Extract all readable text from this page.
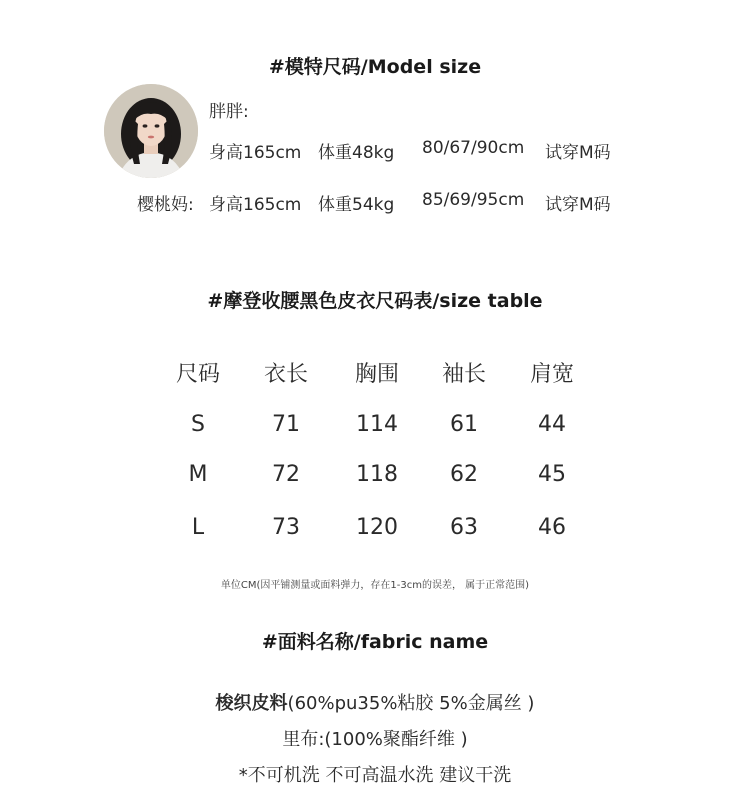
#模特尺码/Model size
胖胖:
身高165cm 体重48kg 80/67/90cm 试穿M码
樱桃妈: 身高165cm 体重54kg 85/69/95cm 试穿M码
#摩登收腰黑色皮衣尺码表/size table
尺码	衣长	胸围	袖长	肩宽
S	71	114	61	44
M	72	118	62	45
L	73	120	63	46
单位CM(因平铺测量或面料弹力，存在1-3cm的误差， 属于正常范围)
#面料名称/fabric name
梭织皮料(60%pu35%粘胶 5%金属丝 )
里布:(100%聚酯纤维 )
*不可机洗 不可高温水洗 建议干洗
